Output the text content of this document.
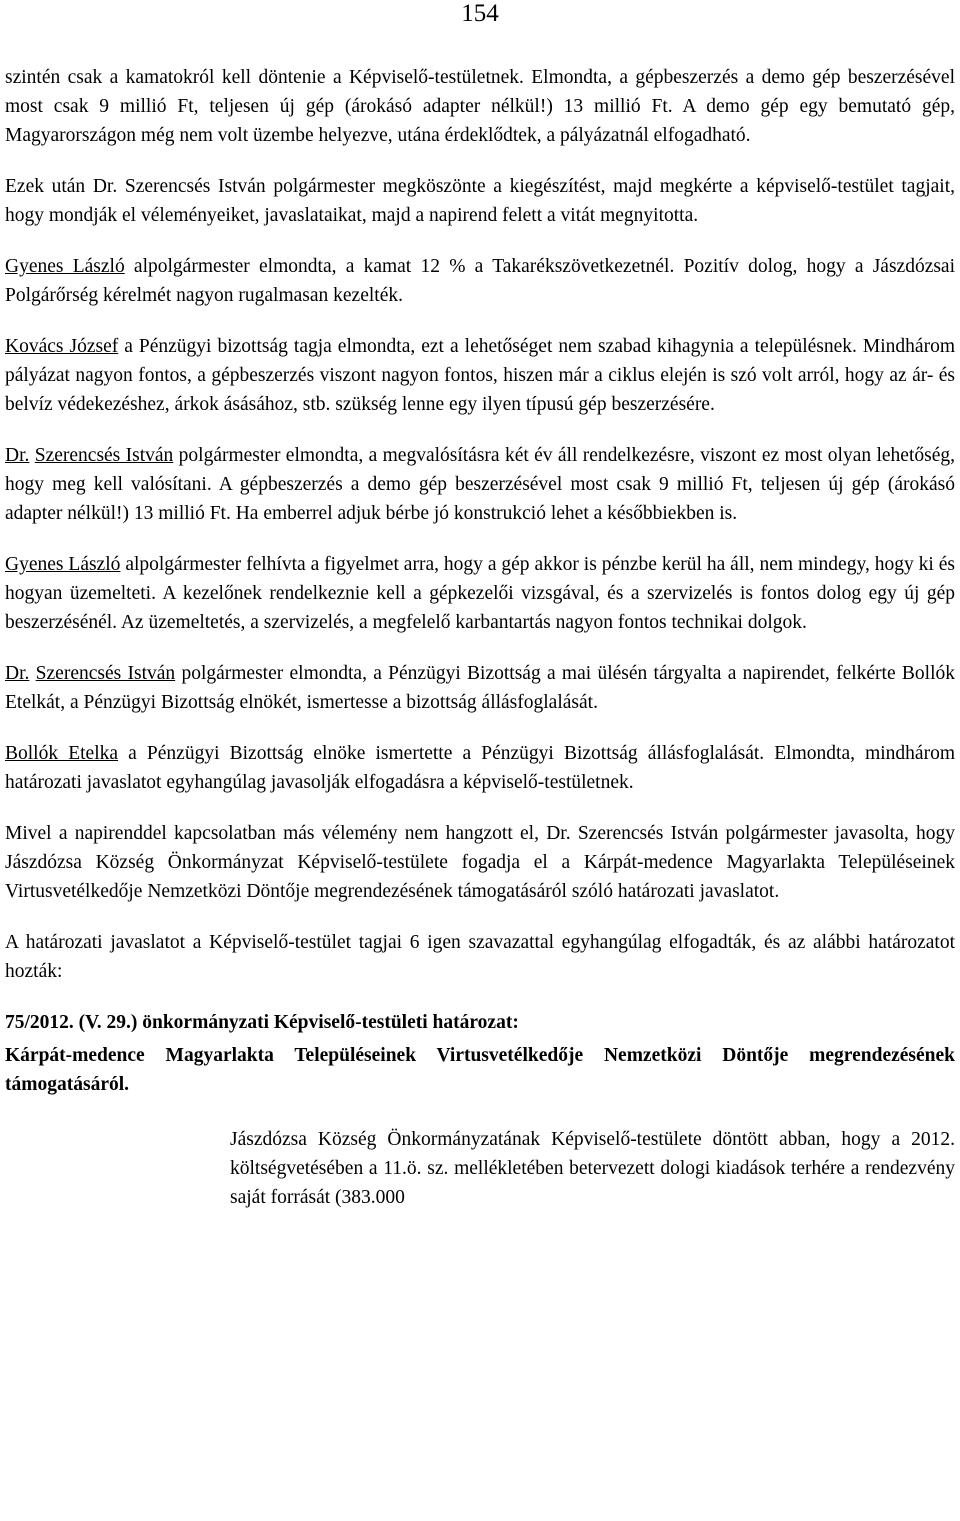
154

szintén csak a kamatokról kell döntenie a Képviselő-testületnek. Elmondta, a gépbeszerzés a demo gép beszerzésével most csak 9 millió Ft, teljesen új gép (árokásó adapter nélkül!) 13 millió Ft. A demo gép egy bemutató gép, Magyarországon még nem volt üzembe helyezve, utána érdeklődtek, a pályázatnál elfogadható.

Ezek után Dr. Szerencsés István polgármester megköszönte a kiegészítést, majd megkérte a képviselő-testület tagjait, hogy mondják el véleményeiket, javaslataikat, majd a napirend felett a vitát megnyitotta.

Gyenes László alpolgármester elmondta, a kamat 12 % a Takarékszövetkezetnél. Pozitív dolog, hogy a Jászdózsai Polgárőrség kérelmét nagyon rugalmasan kezelték.

Kovács József a Pénzügyi bizottság tagja elmondta, ezt a lehetőséget nem szabad kihagynia a településnek. Mindhárom pályázat nagyon fontos, a gépbeszerzés viszont nagyon fontos, hiszen már a ciklus elején is szó volt arról, hogy az ár- és belvíz védekezéshez, árkok ásásához, stb. szükség lenne egy ilyen típusú gép beszerzésére.

Dr. Szerencsés István polgármester elmondta, a megvalósításra két év áll rendelkezésre, viszont ez most olyan lehetőség, hogy meg kell valósítani. A gépbeszerzés a demo gép beszerzésével most csak 9 millió Ft, teljesen új gép (árokásó adapter nélkül!) 13 millió Ft. Ha emberrel adjuk bérbe jó konstrukció lehet a későbbiekben is.

Gyenes László alpolgármester felhívta a figyelmet arra, hogy a gép akkor is pénzbe kerül ha áll, nem mindegy, hogy ki és hogyan üzemelteti. A kezelőnek rendelkeznie kell a gépkezelői vizsgával, és a szervizelés is fontos dolog egy új gép beszerzésénél. Az üzemeltetés, a szervizelés, a megfelelő karbantartás nagyon fontos technikai dolgok.

Dr. Szerencsés István polgármester elmondta, a Pénzügyi Bizottság a mai ülésén tárgyalta a napirendet, felkérte Bollók Etelkát, a Pénzügyi Bizottság elnökét, ismertesse a bizottság állásfoglalását.

Bollók Etelka a Pénzügyi Bizottság elnöke ismertette a Pénzügyi Bizottság állásfoglalását. Elmondta, mindhárom határozati javaslatot egyhangúlag javasolják elfogadásra a képviselő-testületnek.

Mivel a napirenddel kapcsolatban más vélemény nem hangzott el, Dr. Szerencsés István polgármester javasolta, hogy Jászdózsa Község Önkormányzat Képviselő-testülete fogadja el a Kárpát-medence Magyarlakta Településeinek Virtusvetélkedője Nemzetközi Döntője megrendezésének támogatásáról szóló határozati javaslatot.

A határozati javaslatot a Képviselő-testület tagjai 6 igen szavazattal egyhangúlag elfogadták, és az alábbi határozatot hozták:

75/2012. (V. 29.) önkormányzati Képviselő-testületi határozat:

Kárpát-medence Magyarlakta Településeinek Virtusvetélkedője Nemzetközi Döntője megrendezésének támogatásáról.

Jászdózsa Község Önkormányzatának Képviselő-testülete döntött abban, hogy a 2012. költségvetésében a 11.ö. sz. mellékletében betervezett dologi kiadások terhére a rendezvény saját forrását (383.000
